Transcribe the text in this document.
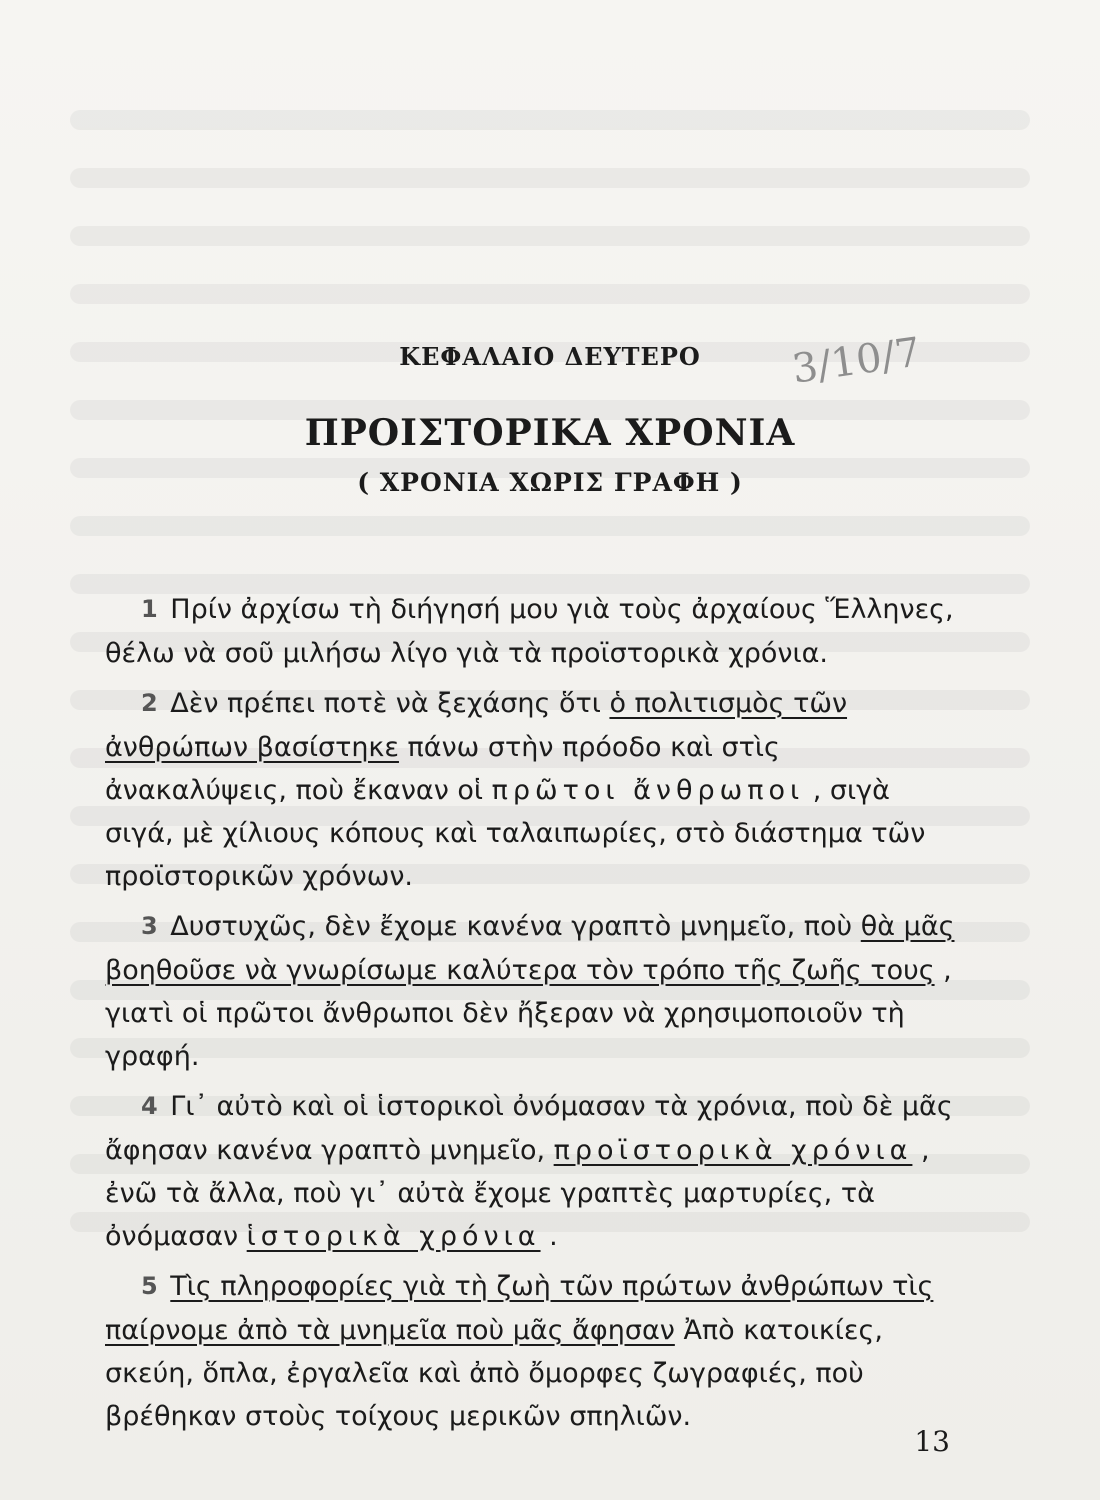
ΚΕΦΑΛΑΙΟ ΔΕΥΤΕΡΟ	3/10/7
ΠΡΟΙΣΤΟΡΙΚΑ ΧΡΟΝΙΑ
( ΧΡΟΝΙΑ ΧΩΡΙΣ ΓΡΑΦΗ )

1 Πρίν ἀρχίσω τὴ διήγησή μου γιὰ τοὺς ἀρχαίους Ἕλληνες, θέλω νὰ σοῦ μιλήσω λίγο γιὰ τὰ προϊστορικὰ χρόνια.

2 Δὲν πρέπει ποτὲ νὰ ξεχάσης ὅτι ὁ πολιτισμὸς τῶν ἀνθρώπων βασίστηκε πάνω στὴν πρόοδο καὶ στὶς ἀνακαλύψεις, ποὺ ἔκαναν οἱ πρῶτοι ἄνθρωποι , σιγὰ σιγά, μὲ χίλιους κόπους καὶ ταλαιπωρίες, στὸ διάστημα τῶν προϊστορικῶν χρόνων.

3 Δυστυχῶς, δὲν ἔχομε κανένα γραπτὸ μνημεῖο, ποὺ θὰ μᾶς βοηθοῦσε νὰ γνωρίσωμε καλύτερα τὸν τρόπο τῆς ζωῆς τους , γιατὶ οἱ πρῶτοι ἄνθρωποι δὲν ἤξεραν νὰ χρησιμοποιοῦν τὴ γραφή.

4 Γι᾽ αὐτὸ καὶ οἱ ἱστορικοὶ ὀνόμασαν τὰ χρόνια, ποὺ δὲ μᾶς ἄφησαν κανένα γραπτὸ μνημεῖο, προϊστορικὰ χρόνια , ἐνῶ τὰ ἄλλα, ποὺ γι᾽ αὐτὰ ἔχομε γραπτὲς μαρτυρίες, τὰ ὀνόμασαν ἱστορικὰ χρόνια .

5 Τὶς πληροφορίες γιὰ τὴ ζωὴ τῶν πρώτων ἀνθρώπων τὶς παίρνομε ἀπὸ τὰ μνημεῖα ποὺ μᾶς ἄφησαν Ἀπὸ κατοικίες, σκεύη, ὅπλα, ἐργαλεῖα καὶ ἀπὸ ὄμορφες ζωγραφιές, ποὺ βρέθηκαν στοὺς τοίχους μερικῶν σπηλιῶν.

13
